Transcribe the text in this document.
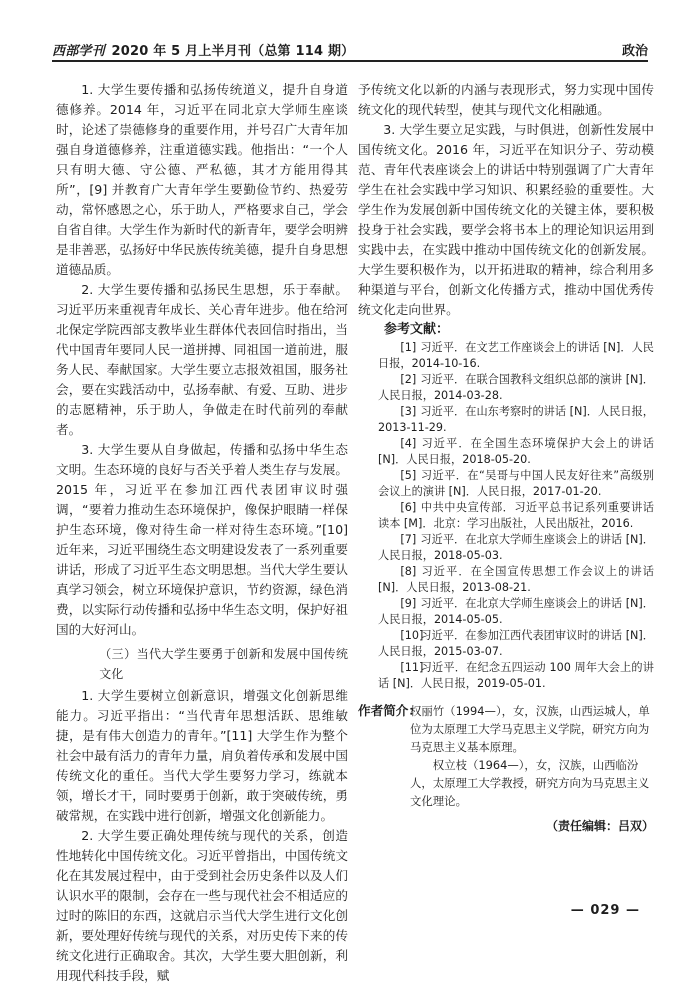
西部学刊 2020 年 5 月上半月刊（总第 114 期）	政治

1. 大学生要传播和弘扬传统道义，提升自身道德修养。2014 年，习近平在同北京大学师生座谈时，论述了崇德修身的重要作用，并号召广大青年加强自身道德修养，注重道德实践。他指出：“一个人只有明大德、守公德、严私德，其才方能用得其所”，[9] 并教育广大青年学生要勤俭节约、热爱劳动，常怀感恩之心，乐于助人，严格要求自己，学会自省自律。大学生作为新时代的新青年，要学会明辨是非善恶，弘扬好中华民族传统美德，提升自身思想道德品质。

2. 大学生要传播和弘扬民生思想，乐于奉献。习近平历来重视青年成长、关心青年进步。他在给河北保定学院西部支教毕业生群体代表回信时指出，当代中国青年要同人民一道拼搏、同祖国一道前进，服务人民、奉献国家。大学生要立志报效祖国，服务社会，要在实践活动中，弘扬奉献、有爱、互助、进步的志愿精神，乐于助人，争做走在时代前列的奉献者。

3. 大学生要从自身做起，传播和弘扬中华生态文明。生态环境的良好与否关乎着人类生存与发展。2015 年，习近平在参加江西代表团审议时强调，“要着力推动生态环境保护，像保护眼睛一样保护生态环境，像对待生命一样对待生态环境。”[10] 近年来，习近平围绕生态文明建设发表了一系列重要讲话，形成了习近平生态文明思想。当代大学生要认真学习领会，树立环境保护意识，节约资源，绿色消费，以实际行动传播和弘扬中华生态文明，保护好祖国的大好河山。

（三）当代大学生要勇于创新和发展中国传统文化

1. 大学生要树立创新意识，增强文化创新思维能力。习近平指出：“当代青年思想活跃、思维敏捷，是有伟大创造力的青年。”[11] 大学生作为整个社会中最有活力的青年力量，肩负着传承和发展中国传统文化的重任。当代大学生要努力学习，练就本领，增长才干，同时要勇于创新，敢于突破传统，勇破常规，在实践中进行创新，增强文化创新能力。

2. 大学生要正确处理传统与现代的关系，创造性地转化中国传统文化。习近平曾指出，中国传统文化在其发展过程中，由于受到社会历史条件以及人们认识水平的限制，会存在一些与现代社会不相适应的过时的陈旧的东西，这就启示当代大学生进行文化创新，要处理好传统与现代的关系，对历史传下来的传统文化进行正确取舍。其次，大学生要大胆创新，利用现代科技手段，赋

予传统文化以新的内涵与表现形式，努力实现中国传统文化的现代转型，使其与现代文化相融通。

3. 大学生要立足实践，与时俱进，创新性发展中国传统文化。2016 年，习近平在知识分子、劳动模范、青年代表座谈会上的讲话中特别强调了广大青年学生在社会实践中学习知识、积累经验的重要性。大学生作为发展创新中国传统文化的关键主体，要积极投身于社会实践，要学会将书本上的理论知识运用到实践中去，在实践中推动中国传统文化的创新发展。大学生要积极作为，以开拓进取的精神，综合利用多种渠道与平台，创新文化传播方式，推动中国优秀传统文化走向世界。

参考文献：

[1] 习近平．在文艺工作座谈会上的讲话 [N]．人民日报，2014-10-16.

[2] 习近平．在联合国教科文组织总部的演讲 [N]．人民日报，2014-03-28.

[3] 习近平．在山东考察时的讲话 [N]．人民日报，2013-11-29.

[4] 习近平．在全国生态环境保护大会上的讲话 [N]．人民日报，2018-05-20.

[5] 习近平．在“吴哥与中国人民友好往来”高级别会议上的演讲 [N]．人民日报，2017-01-20.

[6] 中共中央宣传部．习近平总书记系列重要讲话读本 [M]．北京：学习出版社，人民出版社，2016.

[7] 习近平．在北京大学师生座谈会上的讲话 [N]．人民日报，2018-05-03.

[8] 习近平．在全国宣传思想工作会议上的讲话 [N]．人民日报，2013-08-21.

[9] 习近平．在北京大学师生座谈会上的讲话 [N]．人民日报，2014-05-05.

[10]习近平．在参加江西代表团审议时的讲话 [N]．人民日报，2015-03-07.

[11]习近平．在纪念五四运动 100 周年大会上的讲话 [N]．人民日报，2019-05-01.

作者简介：
权丽竹（1994—），女，汉族，山西运城人，单位为太原理工大学马克思主义学院，研究方向为马克思主义基本原理。
权立枝（1964—），女，汉族，山西临汾人，太原理工大学教授，研究方向为马克思主义文化理论。
（责任编辑：吕双）
— 029 —
